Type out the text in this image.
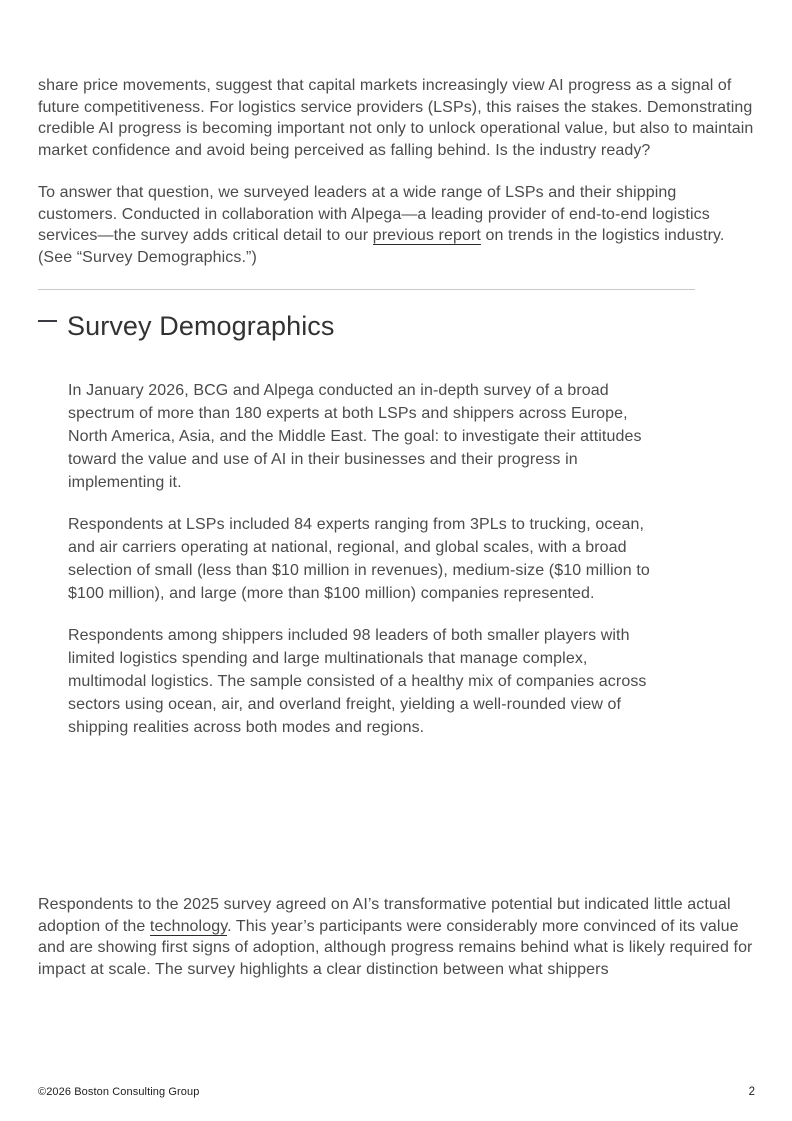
share price movements, suggest that capital markets increasingly view AI progress as a signal of future competitiveness. For logistics service providers (LSPs), this raises the stakes. Demonstrating credible AI progress is becoming important not only to unlock operational value, but also to maintain market confidence and avoid being perceived as falling behind. Is the industry ready?

To answer that question, we surveyed leaders at a wide range of LSPs and their shipping customers. Conducted in collaboration with Alpega—a leading provider of end-to-end logistics services—the survey adds critical detail to our previous report on trends in the logistics industry. (See “Survey Demographics.”)

Survey Demographics

In January 2026, BCG and Alpega conducted an in-depth survey of a broad spectrum of more than 180 experts at both LSPs and shippers across Europe, North America, Asia, and the Middle East. The goal: to investigate their attitudes toward the value and use of AI in their businesses and their progress in implementing it.

Respondents at LSPs included 84 experts ranging from 3PLs to trucking, ocean, and air carriers operating at national, regional, and global scales, with a broad selection of small (less than $10 million in revenues), medium-size ($10 million to $100 million), and large (more than $100 million) companies represented.

Respondents among shippers included 98 leaders of both smaller players with limited logistics spending and large multinationals that manage complex, multimodal logistics. The sample consisted of a healthy mix of companies across sectors using ocean, air, and overland freight, yielding a well-rounded view of shipping realities across both modes and regions.

Respondents to the 2025 survey agreed on AI’s transformative potential but indicated little actual adoption of the technology. This year’s participants were considerably more convinced of its value and are showing first signs of adoption, although progress remains behind what is likely required for impact at scale. The survey highlights a clear distinction between what shippers

©2026 Boston Consulting Group	2
